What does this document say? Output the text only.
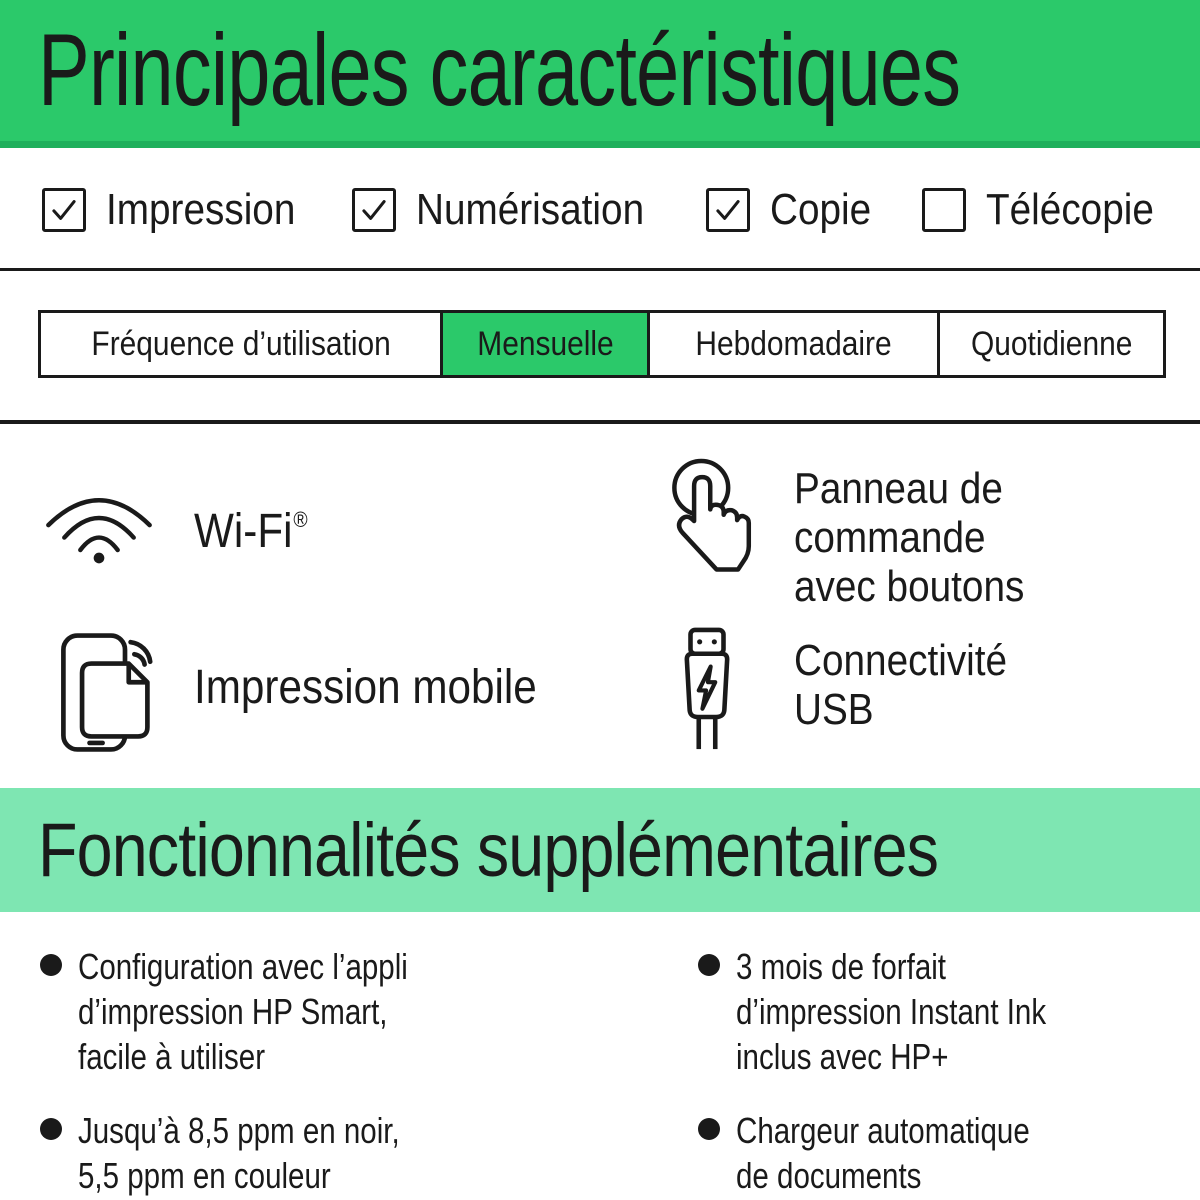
Principales caractéristiques
Impression	Numérisation	Copie	Télécopie
Fréquence d’utilisation	Mensuelle Hebdomadaire Quotidienne
Wi-Fi®
Panneau de
commande
avec boutons
Impression mobile
Connectivité
USB
Fonctionnalités supplémentaires
Configuration avec l’appli
d’impression HP Smart,
facile à utiliser
Jusqu’à 8,5 ppm en noir,
5,5 ppm en couleur
3 mois de forfait
d’impression Instant Ink
inclus avec HP+
Chargeur automatique
de documents
